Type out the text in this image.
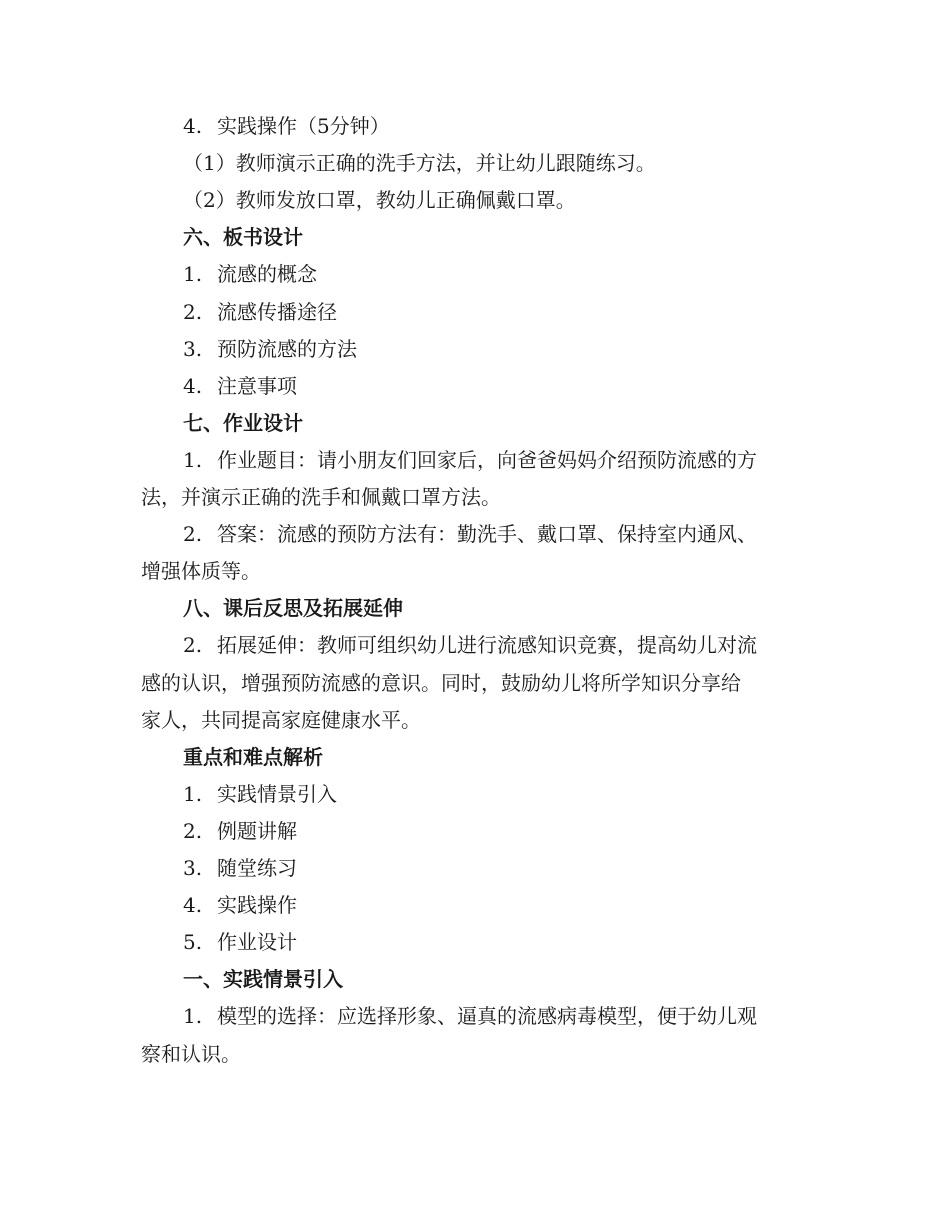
4. 实践操作（5分钟）
（1）教师演示正确的洗手方法，并让幼儿跟随练习。
（2）教师发放口罩，教幼儿正确佩戴口罩。
六、板书设计
1. 流感的概念
2. 流感传播途径
3. 预防流感的方法
4. 注意事项
七、作业设计
1. 作业题目：请小朋友们回家后，向爸爸妈妈介绍预防流感的方
法，并演示正确的洗手和佩戴口罩方法。
2. 答案：流感的预防方法有：勤洗手、戴口罩、保持室内通风、
增强体质等。
八、课后反思及拓展延伸
2. 拓展延伸：教师可组织幼儿进行流感知识竞赛，提高幼儿对流
感的认识，增强预防流感的意识。同时，鼓励幼儿将所学知识分享给
家人，共同提高家庭健康水平。
重点和难点解析
1. 实践情景引入
2. 例题讲解
3. 随堂练习
4. 实践操作
5. 作业设计
一、实践情景引入
1. 模型的选择：应选择形象、逼真的流感病毒模型，便于幼儿观
察和认识。
